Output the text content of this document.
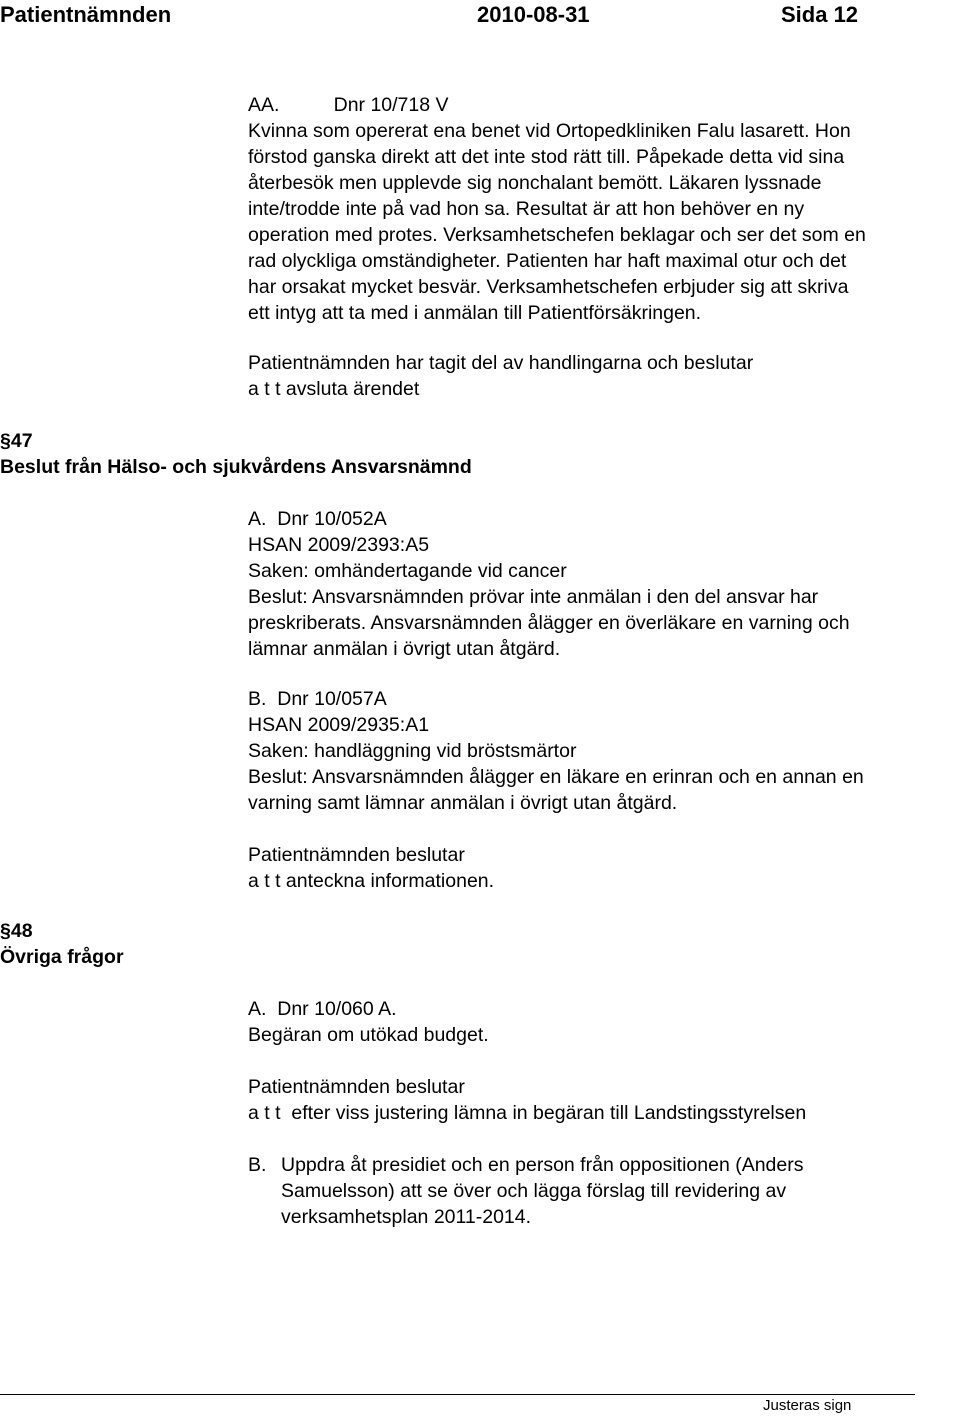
Patientnämnden	2010-08-31	Sida 12
AA.          Dnr 10/718 V
Kvinna som opererat ena benet vid Ortopedkliniken Falu lasarett. Hon
förstod ganska direkt att det inte stod rätt till. Påpekade detta vid sina
återbesök men upplevde sig nonchalant bemött. Läkaren lyssnade
inte/trodde inte på vad hon sa. Resultat är att hon behöver en ny
operation med protes. Verksamhetschefen beklagar och ser det som en
rad olyckliga omständigheter. Patienten har haft maximal otur och det
har orsakat mycket besvär. Verksamhetschefen erbjuder sig att skriva
ett intyg att ta med i anmälan till Patientförsäkringen.
Patientnämnden har tagit del av handlingarna och beslutar
a t t avsluta ärendet
§47
Beslut från Hälso- och sjukvårdens Ansvarsnämnd
A.  Dnr 10/052A
HSAN 2009/2393:A5
Saken: omhändertagande vid cancer
Beslut: Ansvarsnämnden prövar inte anmälan i den del ansvar har
preskriberats. Ansvarsnämnden ålägger en överläkare en varning och
lämnar anmälan i övrigt utan åtgärd.
B.  Dnr 10/057A
HSAN 2009/2935:A1
Saken: handläggning vid bröstsmärtor
Beslut: Ansvarsnämnden ålägger en läkare en erinran och en annan en
varning samt lämnar anmälan i övrigt utan åtgärd.
Patientnämnden beslutar
a t t anteckna informationen.
§48
Övriga frågor
A.  Dnr 10/060 A.
Begäran om utökad budget.
Patientnämnden beslutar
a t t  efter viss justering lämna in begäran till Landstingsstyrelsen
B. Uppdra åt presidiet och en person från oppositionen (Anders
Samuelsson) att se över och lägga förslag till revidering av
verksamhetsplan 2011-2014.
Justeras sign
